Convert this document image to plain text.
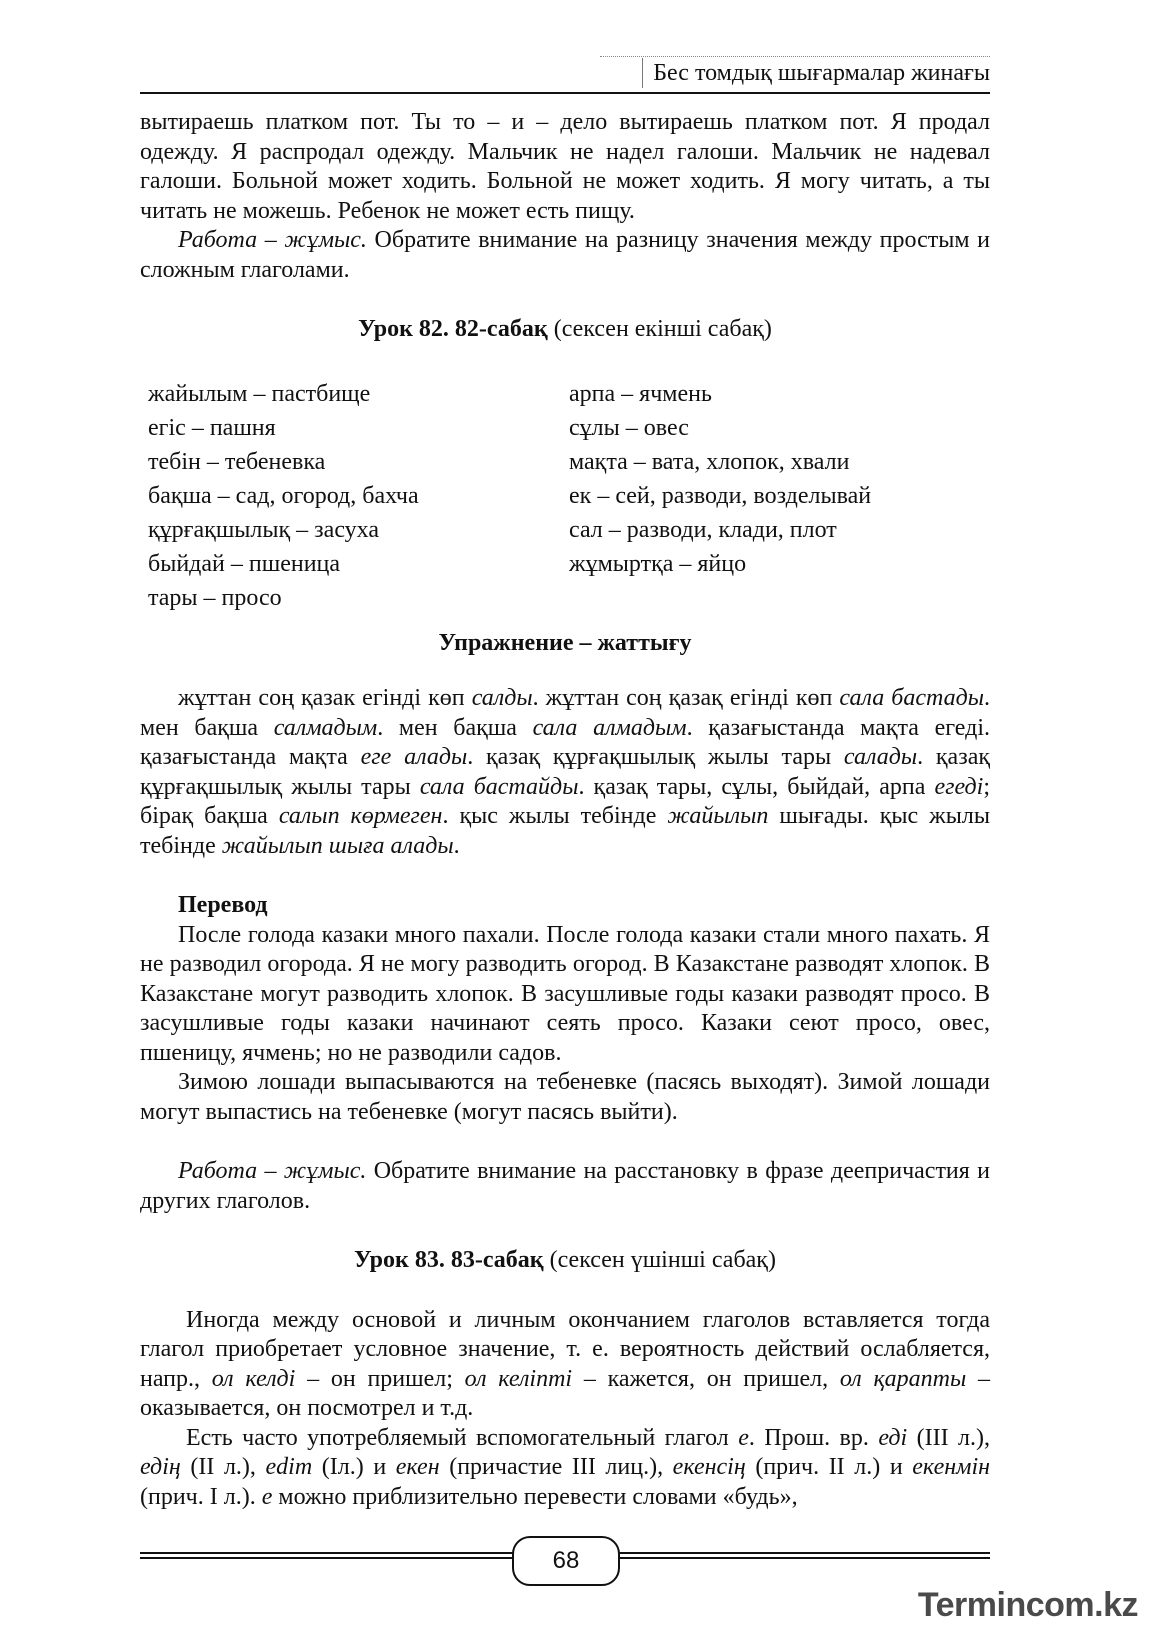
Бес томдық шығармалар жинағы

вытираешь платком пот. Ты то – и – дело вытираешь платком пот. Я продал одежду. Я распродал одежду. Мальчик не надел галоши. Мальчик не надевал галоши. Больной может ходить. Больной не может ходить. Я могу читать, а ты читать не можешь. Ребенок не может есть пищу.

Работа – жұмыс. Обратите внимание на разницу значения между простым и сложным глаголами.

Урок 82. 82-сабақ (сексен екінші сабақ)

жайылым – пастбище
егіс – пашня
тебін – тебеневка
бақша – сад, огород, бахча
құрғақшылық – засуха
быйдай – пшеница
тары – просо
арпа – ячмень
сұлы – овес
мақта – вата, хлопок, хвали
ек – сей, разводи, возделывай
сал – разводи, клади, плот
жұмыртқа – яйцо

Упражнение – жаттығу

жұттан соң қазак егінді көп салды. жұттан соң қазақ егінді көп сала бастады. мен бақша салмадым. мен бақша сала алмадым. қазағыстанда мақта егеді. қазағыстанда мақта еге алады. қазақ құрғақшылық жылы тары салады. қазақ құрғақшылық жылы тары сала бастайды. қазақ тары, сұлы, быйдай, арпа егеді; бірақ бақша салып көрмеген. қыс жылы тебінде жайылып шығады. қыс жылы тебінде жайылып шыға алады.

Перевод

После голода казаки много пахали. После голода казаки стали много пахать. Я не разводил огорода. Я не могу разводить огород. В Казакстане разводят хлопок. В Казакстане могут разводить хлопок. В засушливые годы казаки разводят просо. В засушливые годы казаки начинают сеять просо. Казаки сеют просо, овес, пшеницу, ячмень; но не разводили садов.

Зимою лошади выпасываются на тебеневке (пасясь выходят). Зимой лошади могут выпастись на тебеневке (могут пасясь выйти).

Работа – жұмыс. Обратите внимание на расстановку в фразе деепричастия и других глаголов.

Урок 83. 83-сабақ (сексен үшінші сабақ)

Иногда между основой и личным окончанием глаголов вставляется тогда глагол приобретает условное значение, т. е. вероятность действий ослабляется, напр., ол келді – он пришел; ол келіпті – кажется, он пришел, ол қарапты – оказывается, он посмотрел и т.д.

Есть часто употребляемый вспомогательный глагол е. Прош. вр. еді (III л.), едің (II л.), edim (Iл.) и екен (причастие III лиц.), екенсің (прич. II л.) и екенмін (прич. I л.). е можно приблизительно перевести словами «будь»,

68
Termincom.kz
